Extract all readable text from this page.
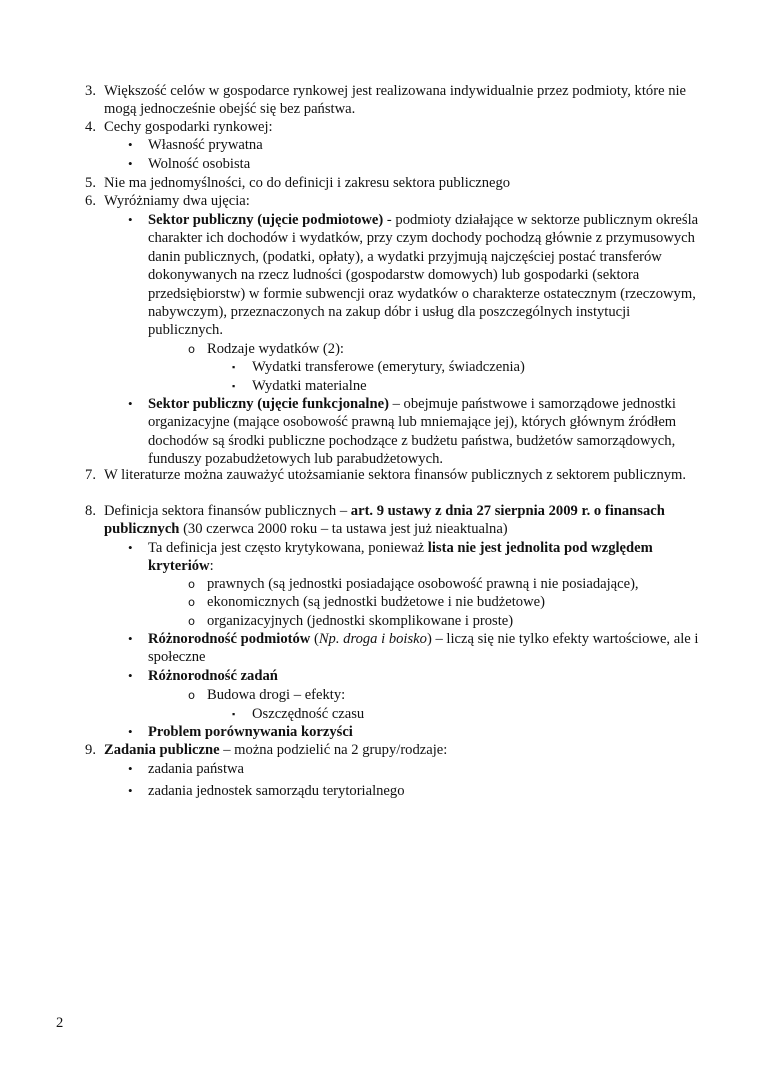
3. Większość celów w gospodarce rynkowej jest realizowana indywidualnie przez podmioty, które nie mogą jednocześnie obejść się bez państwa.

4. Cechy gospodarki rynkowej:

• Własność prywatna

• Wolność osobista

5. Nie ma jednomyślności, co do definicji i zakresu sektora publicznego

6. Wyróżniamy dwa ujęcia:

• Sektor publiczny (ujęcie podmiotowe) - podmioty działające w sektorze publicznym określa charakter ich dochodów i wydatków, przy czym dochody pochodzą głównie z przymusowych danin publicznych, (podatki, opłaty), a wydatki przyjmują najczęściej postać transferów dokonywanych na rzecz ludności (gospodarstw domowych) lub gospodarki (sektora przedsiębiorstw) w formie subwencji oraz wydatków o charakterze ostatecznym (rzeczowym, nabywczym), przeznaczonych na zakup dóbr i usług dla poszczególnych instytucji publicznych.

o Rodzaje wydatków (2):

▪ Wydatki transferowe (emerytury, świadczenia)

▪ Wydatki materialne

• Sektor publiczny (ujęcie funkcjonalne) – obejmuje państwowe i samorządowe jednostki organizacyjne (mające osobowość prawną lub mniemające jej), których głównym źródłem dochodów są środki publiczne pochodzące z budżetu państwa, budżetów samorządowych, funduszy pozabudżetowych lub parabudżetowych.

7. W literaturze można zauważyć utożsamianie sektora finansów publicznych z sektorem publicznym.

8. Definicja sektora finansów publicznych – art. 9 ustawy z dnia 27 sierpnia 2009 r. o finansach publicznych (30 czerwca 2000 roku – ta ustawa jest już nieaktualna)

• Ta definicja jest często krytykowana, ponieważ lista nie jest jednolita pod względem kryteriów:

o prawnych (są jednostki posiadające osobowość prawną i nie posiadające),

o ekonomicznych (są jednostki budżetowe i nie budżetowe)

o organizacyjnych (jednostki skomplikowane i proste)

• Różnorodność podmiotów (Np. droga i boisko) – liczą się nie tylko efekty wartościowe, ale i społeczne

• Różnorodność zadań

o Budowa drogi – efekty:

▪ Oszczędność czasu

• Problem porównywania korzyści

9. Zadania publiczne – można podzielić na 2 grupy/rodzaje:

• zadania państwa

• zadania jednostek samorządu terytorialnego

2
